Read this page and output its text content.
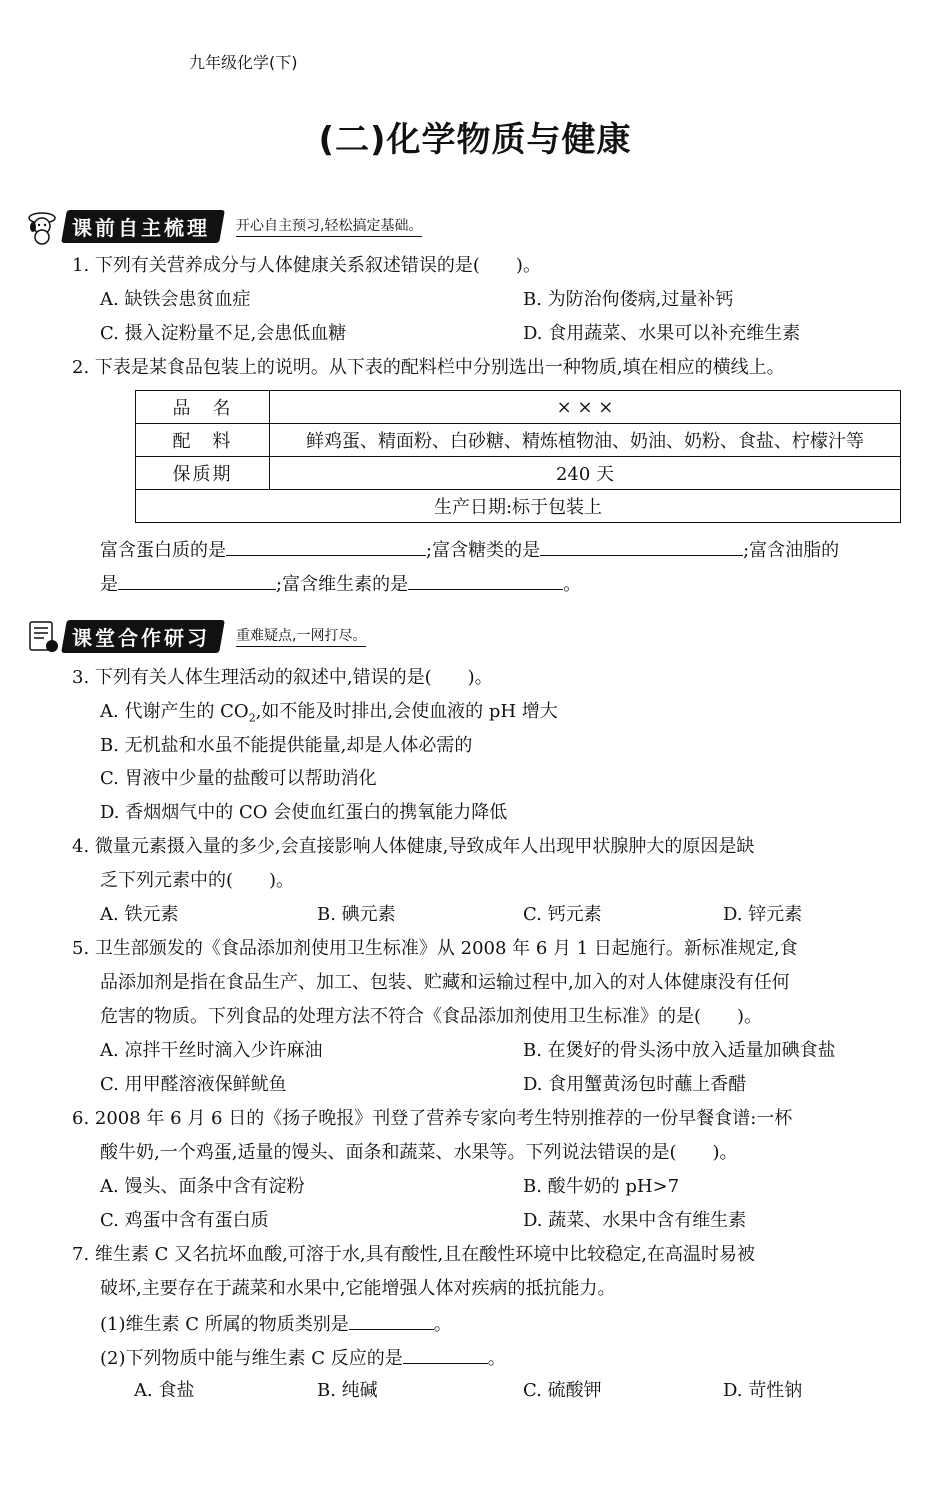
九年级化学(下)
(二)化学物质与健康
课前自主梳理	开心自主预习,轻松搞定基础。
1. 下列有关营养成分与人体健康关系叙述错误的是(　　)。
A. 缺铁会患贫血症	B. 为防治佝偻病,过量补钙
C. 摄入淀粉量不足,会患低血糖	D. 食用蔬菜、水果可以补充维生素
2. 下表是某食品包装上的说明。从下表的配料栏中分别选出一种物质,填在相应的横线上。
品　名	× × ×
配　料	鲜鸡蛋、精面粉、白砂糖、精炼植物油、奶油、奶粉、食盐、柠檬汁等
保质期	240 天
生产日期:标于包装上	
富含蛋白质的是	;富含糖类的是	;富含油脂的
是	;富含维生素的是	。
课堂合作研习	重难疑点,一网打尽。
3. 下列有关人体生理活动的叙述中,错误的是(　　)。
A. 代谢产生的 $CO_2$,如不能及时排出,会使血液的 pH 增大
B. 无机盐和水虽不能提供能量,却是人体必需的
C. 胃液中少量的盐酸可以帮助消化
D. 香烟烟气中的 CO 会使血红蛋白的携氧能力降低
4. 微量元素摄入量的多少,会直接影响人体健康,导致成年人出现甲状腺肿大的原因是缺
乏下列元素中的(　　)。
A. 铁元素	B. 碘元素	C. 钙元素	D. 锌元素
5. 卫生部颁发的《食品添加剂使用卫生标准》从 2008 年 6 月 1 日起施行。新标准规定,食
品添加剂是指在食品生产、加工、包装、贮藏和运输过程中,加入的对人体健康没有任何
危害的物质。下列食品的处理方法不符合《食品添加剂使用卫生标准》的是(　　)。
A. 凉拌干丝时滴入少许麻油	B. 在煲好的骨头汤中放入适量加碘食盐
C. 用甲醛溶液保鲜鱿鱼	D. 食用蟹黄汤包时蘸上香醋
6. 2008 年 6 月 6 日的《扬子晚报》刊登了营养专家向考生特别推荐的一份早餐食谱:一杯
酸牛奶,一个鸡蛋,适量的馒头、面条和蔬菜、水果等。下列说法错误的是(　　)。
A. 馒头、面条中含有淀粉	B. 酸牛奶的 pH>7
C. 鸡蛋中含有蛋白质	D. 蔬菜、水果中含有维生素
7. 维生素 C 又名抗坏血酸,可溶于水,具有酸性,且在酸性环境中比较稳定,在高温时易被
破坏,主要存在于蔬菜和水果中,它能增强人体对疾病的抵抗能力。
(1)维生素 C 所属的物质类别是	。
(2)下列物质中能与维生素 C 反应的是	。
A. 食盐	B. 纯碱	C. 硫酸钾	D. 苛性钠
